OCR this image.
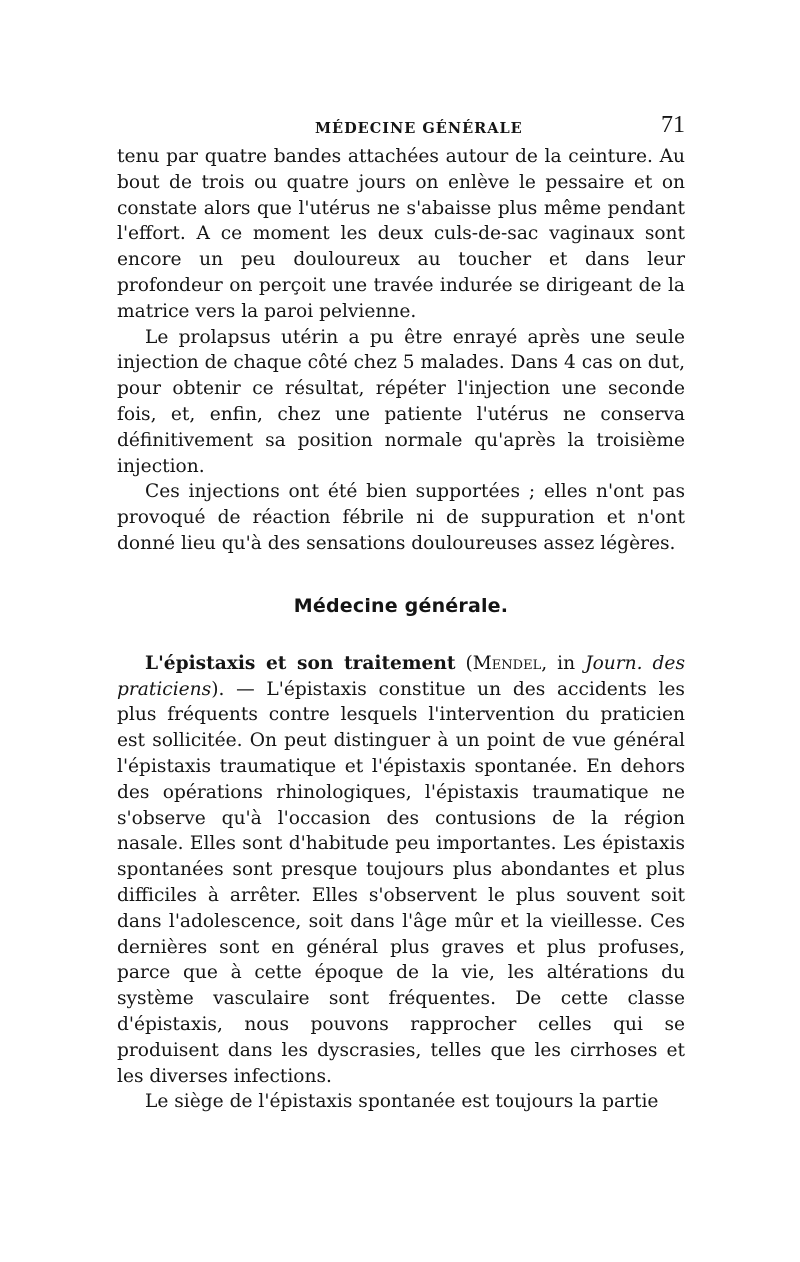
MÉDECINE GÉNÉRALE	71

tenu par quatre bandes attachées autour de la ceinture. Au bout de trois ou quatre jours on enlève le pessaire et on constate alors que l'utérus ne s'abaisse plus même pendant l'effort. A ce moment les deux culs-de-sac vaginaux sont encore un peu douloureux au toucher et dans leur profondeur on perçoit une travée indurée se dirigeant de la matrice vers la paroi pelvienne.

Le prolapsus utérin a pu être enrayé après une seule injection de chaque côté chez 5 malades. Dans 4 cas on dut, pour obtenir ce résultat, répéter l'injection une seconde fois, et, enfin, chez une patiente l'utérus ne conserva définitivement sa position normale qu'après la troisième injection.

Ces injections ont été bien supportées ; elles n'ont pas provoqué de réaction fébrile ni de suppuration et n'ont donné lieu qu'à des sensations douloureuses assez légères.

Médecine générale.

L'épistaxis et son traitement (Mendel, in Journ. des praticiens). — L'épistaxis constitue un des accidents les plus fréquents contre lesquels l'intervention du praticien est sollicitée. On peut distinguer à un point de vue général l'épistaxis traumatique et l'épistaxis spontanée. En dehors des opérations rhinologiques, l'épistaxis traumatique ne s'observe qu'à l'occasion des contusions de la région nasale. Elles sont d'habitude peu importantes. Les épistaxis spontanées sont presque toujours plus abondantes et plus difficiles à arrêter. Elles s'observent le plus souvent soit dans l'adolescence, soit dans l'âge mûr et la vieillesse. Ces dernières sont en général plus graves et plus profuses, parce que à cette époque de la vie, les altérations du système vasculaire sont fréquentes. De cette classe d'épistaxis, nous pouvons rapprocher celles qui se produisent dans les dyscrasies, telles que les cirrhoses et les diverses infections.

Le siège de l'épistaxis spontanée est toujours la partie
